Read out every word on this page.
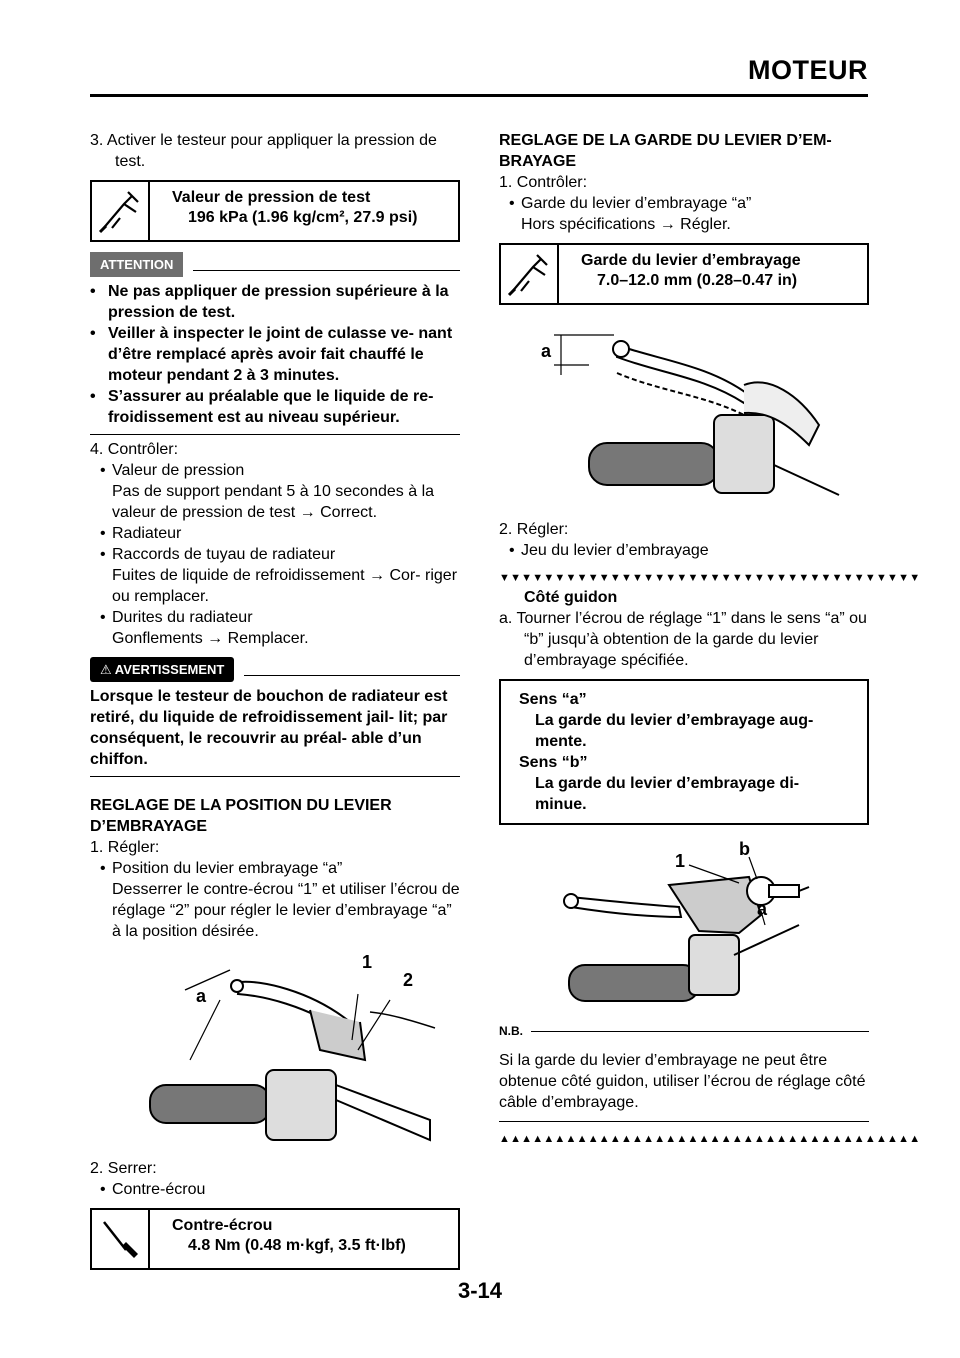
MOTEUR

3. Activer le testeur pour appliquer la pression de test.

Valeur de pression de test
196 kPa (1.96 kg/cm², 27.9 psi)
ATTENTION
• Ne pas appliquer de pression supérieure à la pression de test.
• Veiller à inspecter le joint de culasse ve- nant d’être remplacé après avoir fait chauffé le moteur pendant 2 à 3 minutes.
• S’assurer au préalable que le liquide de re- froidissement est au niveau supérieur.

4. Contrôler:

• Valeur de pression
Pas de support pendant 5 à 10 secondes à la valeur de pression de test → Correct.
• Radiateur
• Raccords de tuyau de radiateur
Fuites de liquide de refroidissement → Cor- riger ou remplacer.
• Durites du radiateur
Gonflements → Remplacer.
⚠ AVERTISSEMENT
Lorsque le testeur de bouchon de radiateur est retiré, du liquide de refroidissement jail- lit; par conséquent, le recouvrir au préal- able d’un chiffon.
REGLAGE DE LA POSITION DU LEVIER D’EMBRAYAGE

1. Régler:

• Position du levier embrayage “a”
Desserrer le contre-écrou “1” et utiliser l’écrou de réglage “2” pour régler le levier d’embrayage “a” à la position désirée.
a
1
2

2. Serrer:

• Contre-écrou
Contre-écrou
4.8 Nm (0.48 m·kgf, 3.5 ft·lbf)
REGLAGE DE LA GARDE DU LEVIER D’EM- BRAYAGE

1. Contrôler:

• Garde du levier d’embrayage “a”
Hors spécifications → Régler.
Garde du levier d’embrayage
7.0–12.0 mm (0.28–0.47 in)
a

2. Régler:

• Jeu du levier d’embrayage
▼▼▼▼▼▼▼▼▼▼▼▼▼▼▼▼▼▼▼▼▼▼▼▼▼▼▼▼▼▼▼▼▼▼▼▼▼▼
Côté guidon

a. Tourner l’écrou de réglage “1” dans le sens “a” ou “b” jusqu’à obtention de la garde du levier d’embrayage spécifiée.

Sens “a”
La garde du levier d’embrayage aug- mente.
Sens “b”
La garde du levier d’embrayage di- minue.
1
b
a
N.B.
Si la garde du levier d’embrayage ne peut être obtenue côté guidon, utiliser l’écrou de réglage côté câble d’embrayage.
▲▲▲▲▲▲▲▲▲▲▲▲▲▲▲▲▲▲▲▲▲▲▲▲▲▲▲▲▲▲▲▲▲▲▲▲▲▲
3-14
